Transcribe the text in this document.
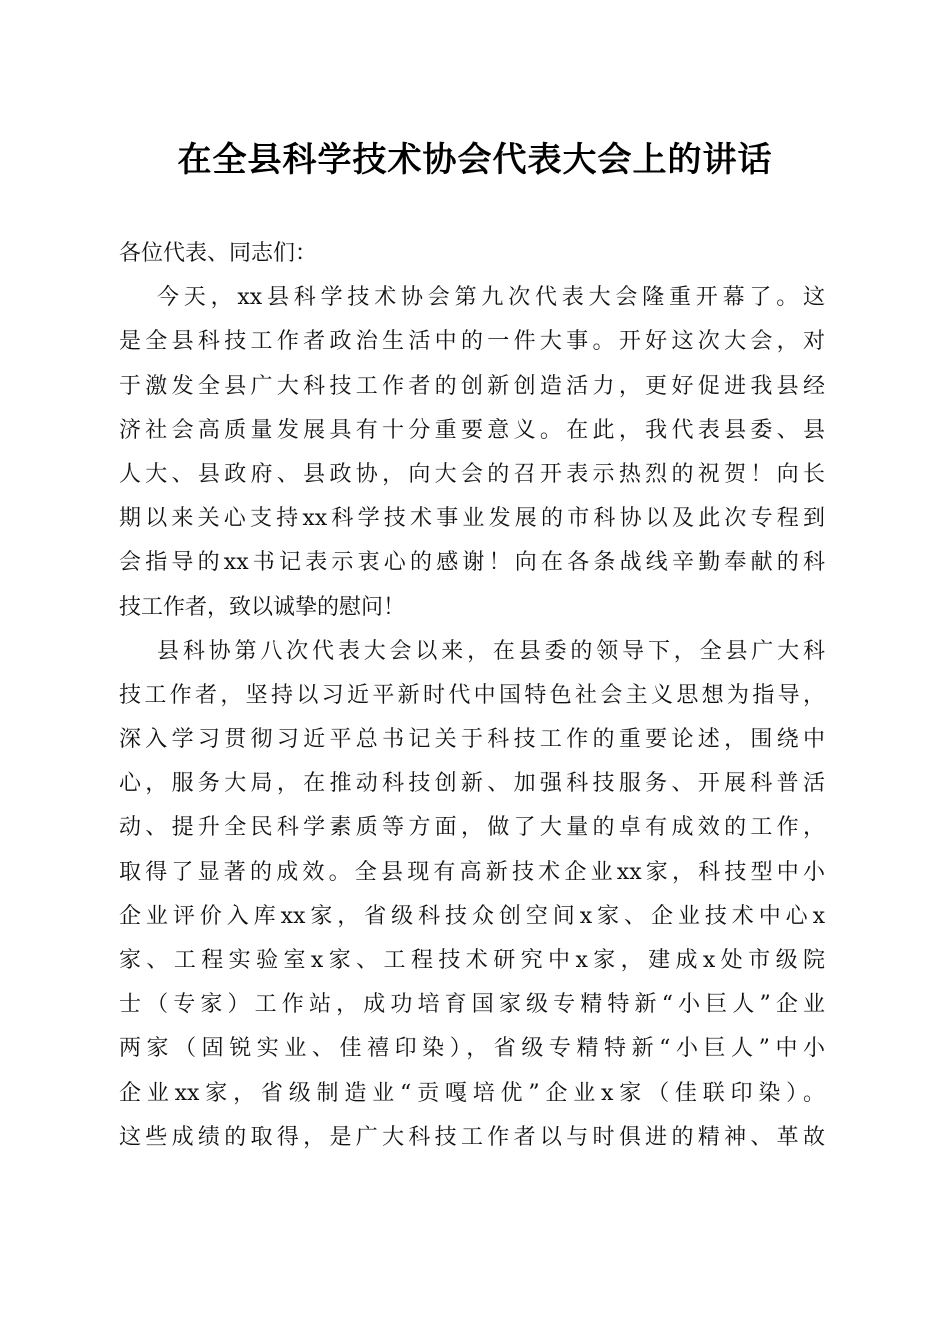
在全县科学技术协会代表大会上的讲话
各位代表、同志们：
今天，xx县科学技术协会第九次代表大会隆重开幕了。这
是全县科技工作者政治生活中的一件大事。开好这次大会，对
于激发全县广大科技工作者的创新创造活力，更好促进我县经
济社会高质量发展具有十分重要意义。在此，我代表县委、县
人大、县政府、县政协，向大会的召开表示热烈的祝贺！向长
期以来关心支持xx科学技术事业发展的市科协以及此次专程到
会指导的xx书记表示衷心的感谢！向在各条战线辛勤奉献的科
技工作者，致以诚挚的慰问！
县科协第八次代表大会以来，在县委的领导下，全县广大科
技工作者，坚持以习近平新时代中国特色社会主义思想为指导，
深入学习贯彻习近平总书记关于科技工作的重要论述，围绕中
心，服务大局，在推动科技创新、加强科技服务、开展科普活
动、提升全民科学素质等方面，做了大量的卓有成效的工作，
取得了显著的成效。全县现有高新技术企业xx家，科技型中小
企业评价入库xx家，省级科技众创空间x家、企业技术中心x
家、工程实验室x家、工程技术研究中x家，建成x处市级院
士（专家）工作站，成功培育国家级专精特新“小巨人”企业
两家（固锐实业、佳禧印染），省级专精特新“小巨人”中小
企业xx家，省级制造业“贡嘎培优”企业x家（佳联印染）。
这些成绩的取得，是广大科技工作者以与时俱进的精神、革故
